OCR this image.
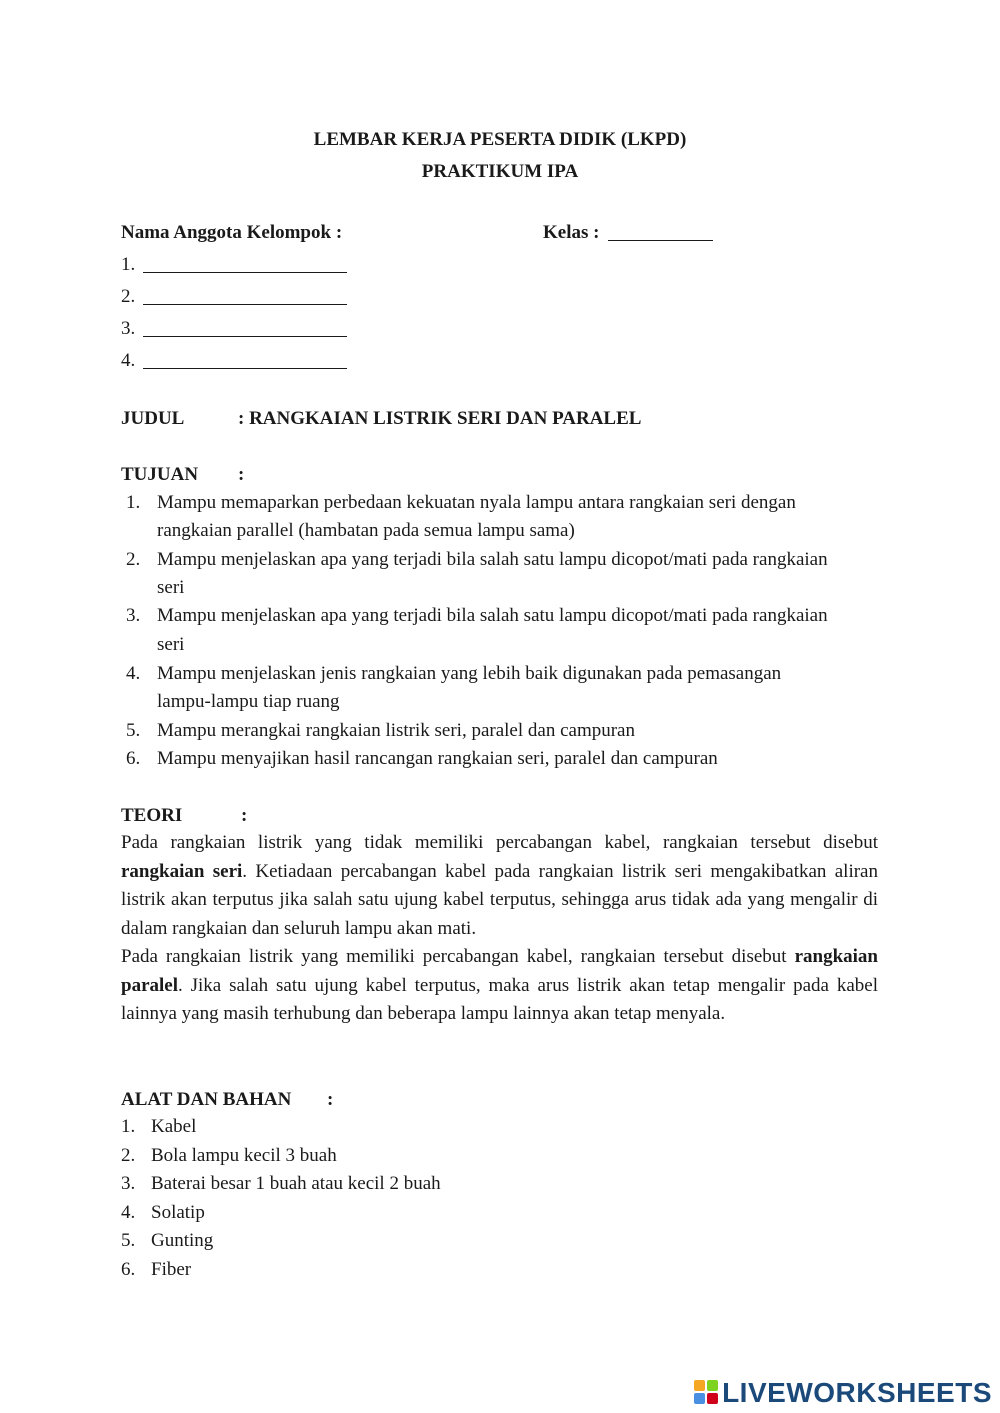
LEMBAR KERJA PESERTA DIDIK (LKPD)
PRAKTIKUM IPA
Nama Anggota Kelompok :	Kelas :
1.
2.
3.
4.
JUDUL	: RANGKAIAN LISTRIK SERI DAN PARALEL
TUJUAN :
1. Mampu memaparkan perbedaan kekuatan nyala lampu antara rangkaian seri dengan
rangkaian parallel (hambatan pada semua lampu sama)
2. Mampu menjelaskan apa yang terjadi bila salah satu lampu dicopot/mati pada rangkaian
seri
3. Mampu menjelaskan apa yang terjadi bila salah satu lampu dicopot/mati pada rangkaian
seri
4. Mampu menjelaskan jenis rangkaian yang lebih baik digunakan pada pemasangan
lampu-lampu tiap ruang
5. Mampu merangkai rangkaian listrik seri, paralel dan campuran
6. Mampu menyajikan hasil rancangan rangkaian seri, paralel dan campuran
TEORI	:
Pada rangkaian listrik yang tidak memiliki percabangan kabel, rangkaian tersebut disebut rangkaian seri. Ketiadaan percabangan kabel pada rangkaian listrik seri mengakibatkan aliran listrik akan terputus jika salah satu ujung kabel terputus, sehingga arus tidak ada yang mengalir di dalam rangkaian dan seluruh lampu akan mati.
Pada rangkaian listrik yang memiliki percabangan kabel, rangkaian tersebut disebut rangkaian paralel. Jika salah satu ujung kabel terputus, maka arus listrik akan tetap mengalir pada kabel lainnya yang masih terhubung dan beberapa lampu lainnya akan tetap menyala.
ALAT DAN BAHAN :
1. Kabel
2. Bola lampu kecil 3 buah
3. Baterai besar 1 buah atau kecil 2 buah
4. Solatip
5. Gunting
6. Fiber
LIVEWORKSHEETS
